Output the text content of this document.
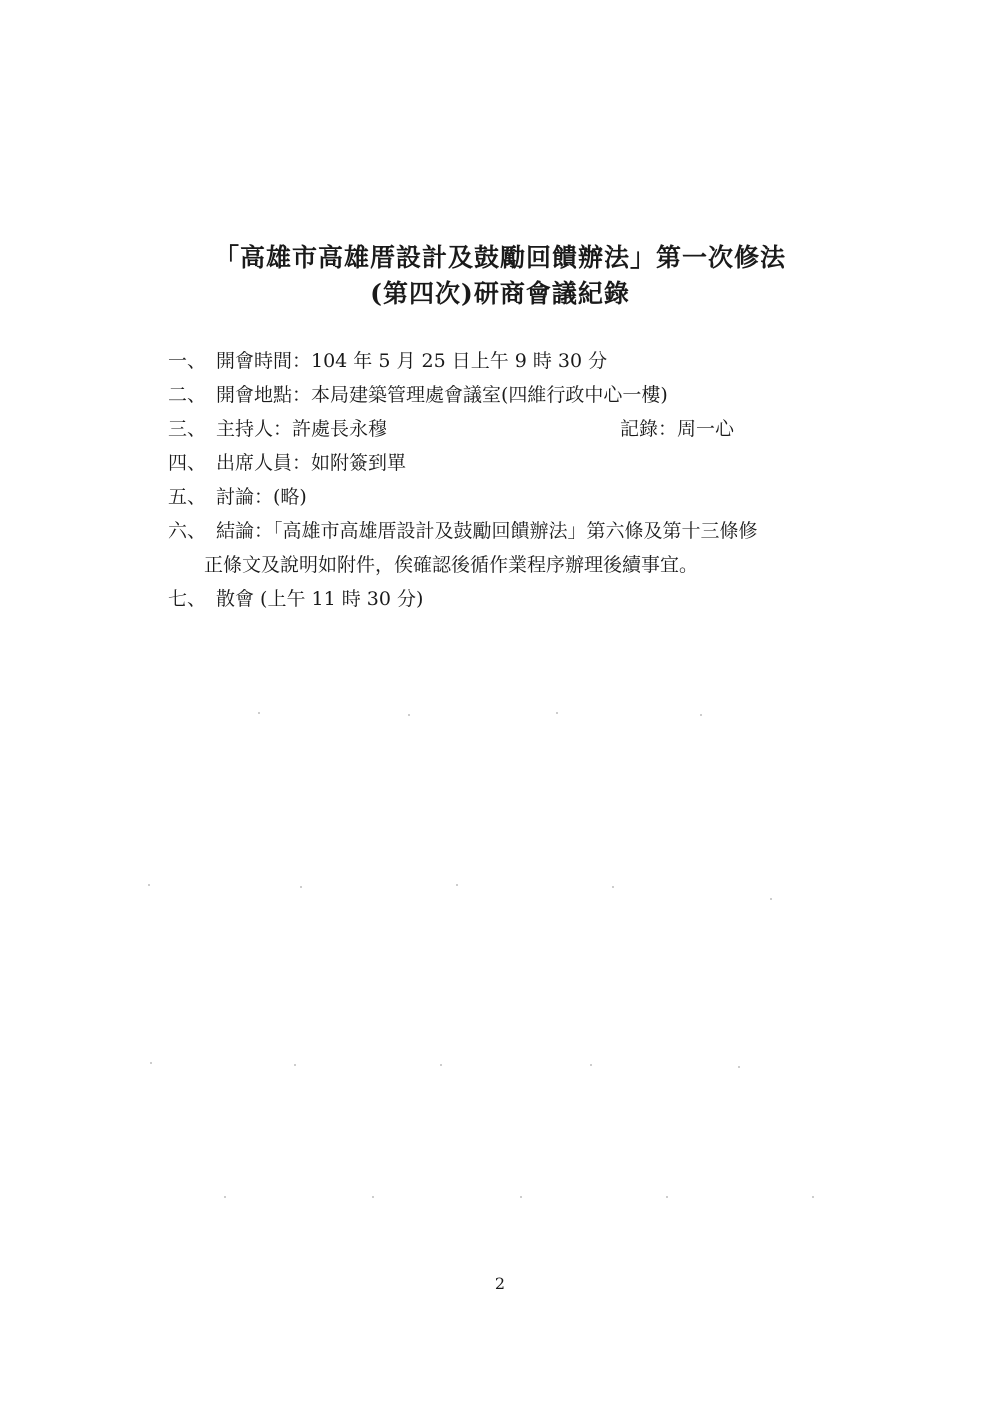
「高雄市高雄厝設計及鼓勵回饋辦法」第一次修法
(第四次)研商會議紀錄
一、 開會時間：104 年 5 月 25 日上午 9 時 30 分
二、 開會地點：本局建築管理處會議室(四維行政中心一樓)
三、 主持人：許處長永穆	記錄：周一心
四、 出席人員：如附簽到單
五、 討論：(略)
六、 結論：「高雄市高雄厝設計及鼓勵回饋辦法」第六條及第十三條修
正條文及說明如附件，俟確認後循作業程序辦理後續事宜。
七、 散會 (上午 11 時 30 分)
2
